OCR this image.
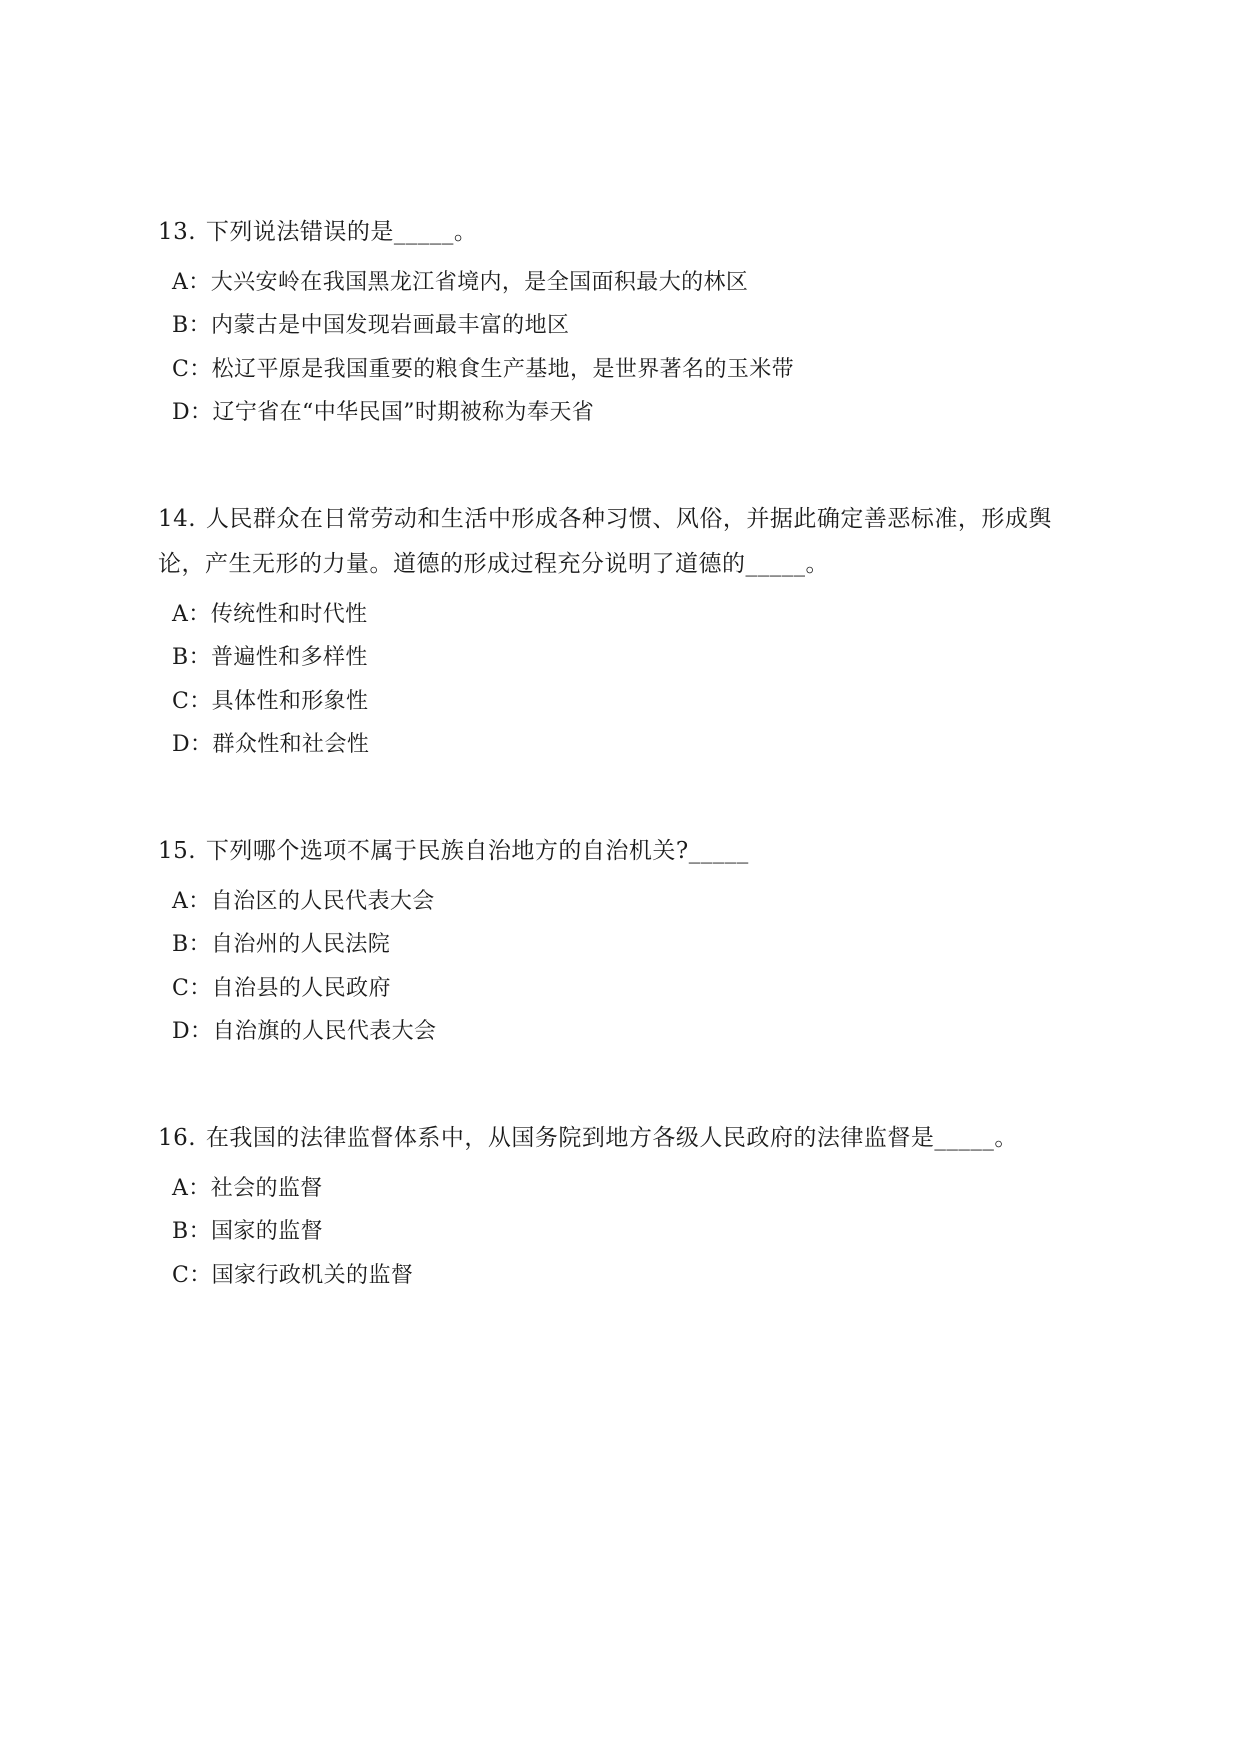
13. 下列说法错误的是_____。
A： 大兴安岭在我国黑龙江省境内，是全国面积最大的林区
B： 内蒙古是中国发现岩画最丰富的地区
C： 松辽平原是我国重要的粮食生产基地，是世界著名的玉米带
D： 辽宁省在“中华民国”时期被称为奉天省
14. 人民群众在日常劳动和生活中形成各种习惯、风俗，并据此确定善恶标准，形成舆论，产生无形的力量。道德的形成过程充分说明了道德的_____。
A： 传统性和时代性
B： 普遍性和多样性
C： 具体性和形象性
D： 群众性和社会性
15. 下列哪个选项不属于民族自治地方的自治机关?_____
A： 自治区的人民代表大会
B： 自治州的人民法院
C： 自治县的人民政府
D： 自治旗的人民代表大会
16. 在我国的法律监督体系中，从国务院到地方各级人民政府的法律监督是_____。
A： 社会的监督
B： 国家的监督
C： 国家行政机关的监督
